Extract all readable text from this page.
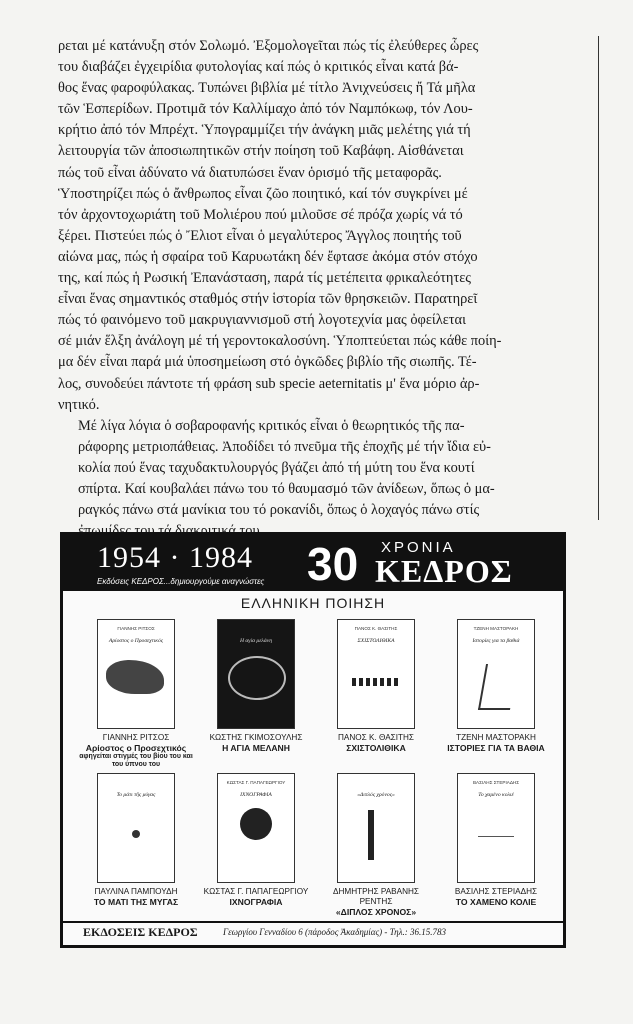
ρεται μέ κατάνυξη στόν Σολωμό. Ἐξομολογεῖται πώς τίς ἐλεύθερες ὧρες
του διαβάζει ἐγχειρίδια φυτολογίας καί πώς ὁ κριτικός εἶναι κατά βά-
θος ἕνας φαροφύλακας. Τυπώνει βιβλία μέ τίτλο Ἀνιχνεύσεις ἤ Τά μῆλα
τῶν Ἑσπερίδων. Προτιμᾶ τόν Καλλίμαχο ἀπό τόν Ναμπόκωφ, τόν Λου-
κρήτιο ἀπό τόν Μπρέχτ. Ὑπογραμμίζει τήν ἀνάγκη μιᾶς μελέτης γιά τή
λειτουργία τῶν ἀποσιωπητικῶν στήν ποίηση τοῦ Καβάφη. Αἰσθάνεται
πώς τοῦ εἶναι ἀδύνατο νά διατυπώσει ἕναν ὁρισμό τῆς μεταφορᾶς.
Ὑποστηρίζει πώς ὁ ἄνθρωπος εἶναι ζῶο ποιητικό, καί τόν συγκρίνει μέ
τόν ἀρχοντοχωριάτη τοῦ Μολιέρου πού μιλοῦσε σέ πρόζα χωρίς νά τό
ξέρει. Πιστεύει πώς ὁ Ἔλιοτ εἶναι ὁ μεγαλύτερος Ἄγγλος ποιητής τοῦ
αἰώνα μας, πώς ἡ σφαίρα τοῦ Καρυωτάκη δέν ἔφτασε ἀκόμα στόν στόχο
της, καί πώς ἡ Ρωσική Ἐπανάσταση, παρά τίς μετέπειτα φρικαλεότητες
εἶναι ἕνας σημαντικός σταθμός στήν ἱστορία τῶν θρησκειῶν. Παρατηρεῖ
πώς τό φαινόμενο τοῦ μακρυγιαννισμοῦ στή λογοτεχνία μας ὀφείλεται
σέ μιάν ἕλξη ἀνάλογη μέ τή γεροντοκαλοσύνη. Ὑποπτεύεται πώς κάθε ποίη-
μα δέν εἶναι παρά μιά ὑποσημείωση στό ὀγκῶδες βιβλίο τῆς σιωπῆς. Τέ-
λος, συνοδεύει πάντοτε τή φράση sub specie aeternitatis μ' ἕνα μόριο ἀρ-
νητικό.

Μέ λίγα λόγια ὁ σοβαροφανής κριτικός εἶναι ὁ θεωρητικός τῆς πα-
ράφορης μετριοπάθειας. Ἀποδίδει τό πνεῦμα τῆς ἐποχῆς μέ τήν ἴδια εὐ-
κολία πού ἕνας ταχυδακτυλουργός βγάζει ἀπό τή μύτη του ἕνα κουτί
σπίρτα. Καί κουβαλάει πάνω του τό θαυμασμό τῶν ἀνίδεων, ὅπως ὁ μα-
ραγκός πάνω στά μανίκια του τό ροκανίδι, ὅπως ὁ λοχαγός πάνω στίς

1954 · 1984
Εκδόσεις ΚΕΔΡΟΣ...δημιουργούμε αναγνώστες 30 ΧΡΟΝΙΑ
ΚΕΔΡΟΣ
ΕΛΛΗΝΙΚΗ ΠΟΙΗΣΗ
ΓΙΑΝΝΗΣ ΡΙΤΣΟΣ
Αρίοστος ο Προσεχτικός
ΓΙΑΝΝΗΣ ΡΙΤΣΟΣ
Αρίοστος ο Προσεχτικός
αφηγείται στιγμές του βίου του και του ύπνου του
Η αγία μελάνη
ΚΩΣΤΗΣ ΓΚΙΜΟΣΟΥΛΗΣ
Η ΑΓΙΑ ΜΕΛΑΝΗ
ΠΑΝΟΣ Κ. ΘΑΣΙΤΗΣ
ΣΧΙΣΤΟΛΙΘΙΚΑ
ΠΑΝΟΣ Κ. ΘΑΣΙΤΗΣ
ΣΧΙΣΤΟΛΙΘΙΚΑ
ΤΖΕΝΗ ΜΑΣΤΟΡΑΚΗ
Ιστορίες για τα βαθιά
ΤΖΕΝΗ ΜΑΣΤΟΡΑΚΗ
ΙΣΤΟΡΙΕΣ ΓΙΑ ΤΑ ΒΑΘΙΑ
Το μάτι τῆς μύγας
ΠΑΥΛΙΝΑ ΠΑΜΠΟΥΔΗ
ΤΟ ΜΑΤΙ ΤΗΣ ΜΥΓΑΣ
ΚΩΣΤΑΣ Γ. ΠΑΠΑΓΕΩΡΓΙΟΥ
ΙΧΝΟΓΡΑΦΙΑ
ΚΩΣΤΑΣ Γ. ΠΑΠΑΓΕΩΡΓΙΟΥ
ΙΧΝΟΓΡΑΦΙΑ
«Διπλός χρόνος»
ΔΗΜΗΤΡΗΣ ΡΑΒΑΝΗΣ ΡΕΝΤΗΣ
«ΔΙΠΛΟΣ ΧΡΟΝΟΣ»
ΒΑΣΙΛΗΣ ΣΤΕΡΙΑΔΗΣ
Το χαμένο κολιέ
ΒΑΣΙΛΗΣ ΣΤΕΡΙΑΔΗΣ
ΤΟ ΧΑΜΕΝΟ ΚΟΛΙΕ
ΕΚΔΟΣΕΙΣ ΚΕΔΡΟΣ	Γεωργίου Γενναδίου 6 (πάροδος Ἀκαδημίας) - Τηλ.: 36.15.783
